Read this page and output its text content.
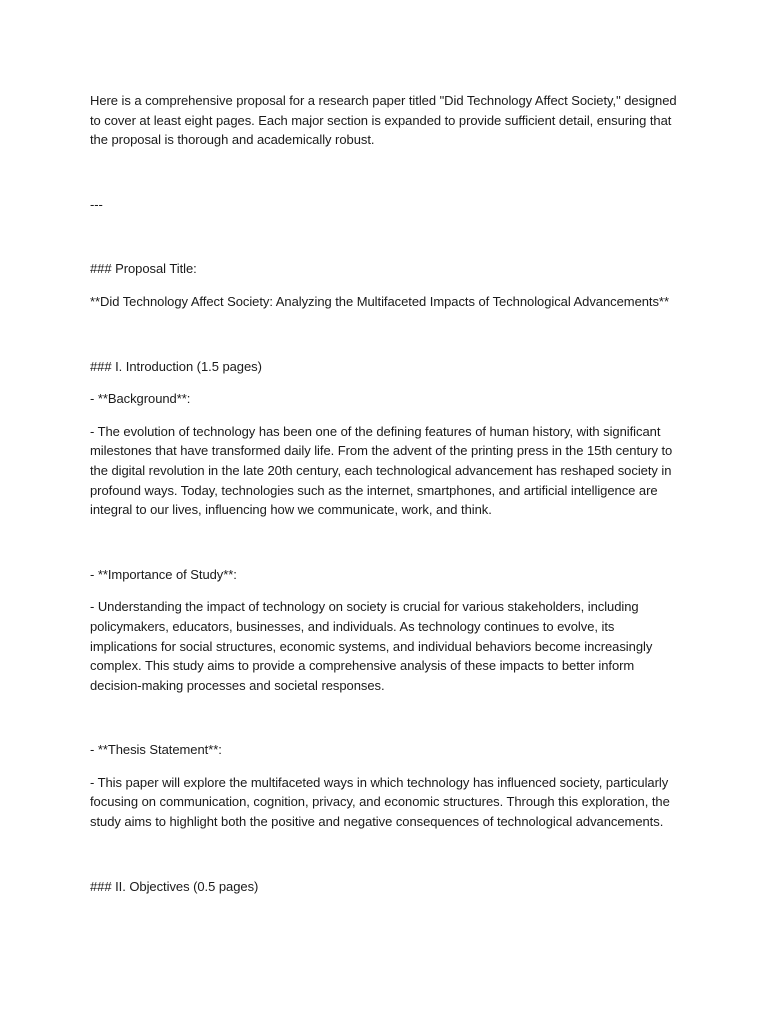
Here is a comprehensive proposal for a research paper titled "Did Technology Affect Society," designed to cover at least eight pages. Each major section is expanded to provide sufficient detail, ensuring that the proposal is thorough and academically robust.

---

### Proposal Title:

**Did Technology Affect Society: Analyzing the Multifaceted Impacts of Technological Advancements**

### I. Introduction (1.5 pages)

- **Background**:

- The evolution of technology has been one of the defining features of human history, with significant milestones that have transformed daily life. From the advent of the printing press in the 15th century to the digital revolution in the late 20th century, each technological advancement has reshaped society in profound ways. Today, technologies such as the internet, smartphones, and artificial intelligence are integral to our lives, influencing how we communicate, work, and think.

- **Importance of Study**:

- Understanding the impact of technology on society is crucial for various stakeholders, including policymakers, educators, businesses, and individuals. As technology continues to evolve, its implications for social structures, economic systems, and individual behaviors become increasingly complex. This study aims to provide a comprehensive analysis of these impacts to better inform decision-making processes and societal responses.

- **Thesis Statement**:

- This paper will explore the multifaceted ways in which technology has influenced society, particularly focusing on communication, cognition, privacy, and economic structures. Through this exploration, the study aims to highlight both the positive and negative consequences of technological advancements.

### II. Objectives (0.5 pages)
